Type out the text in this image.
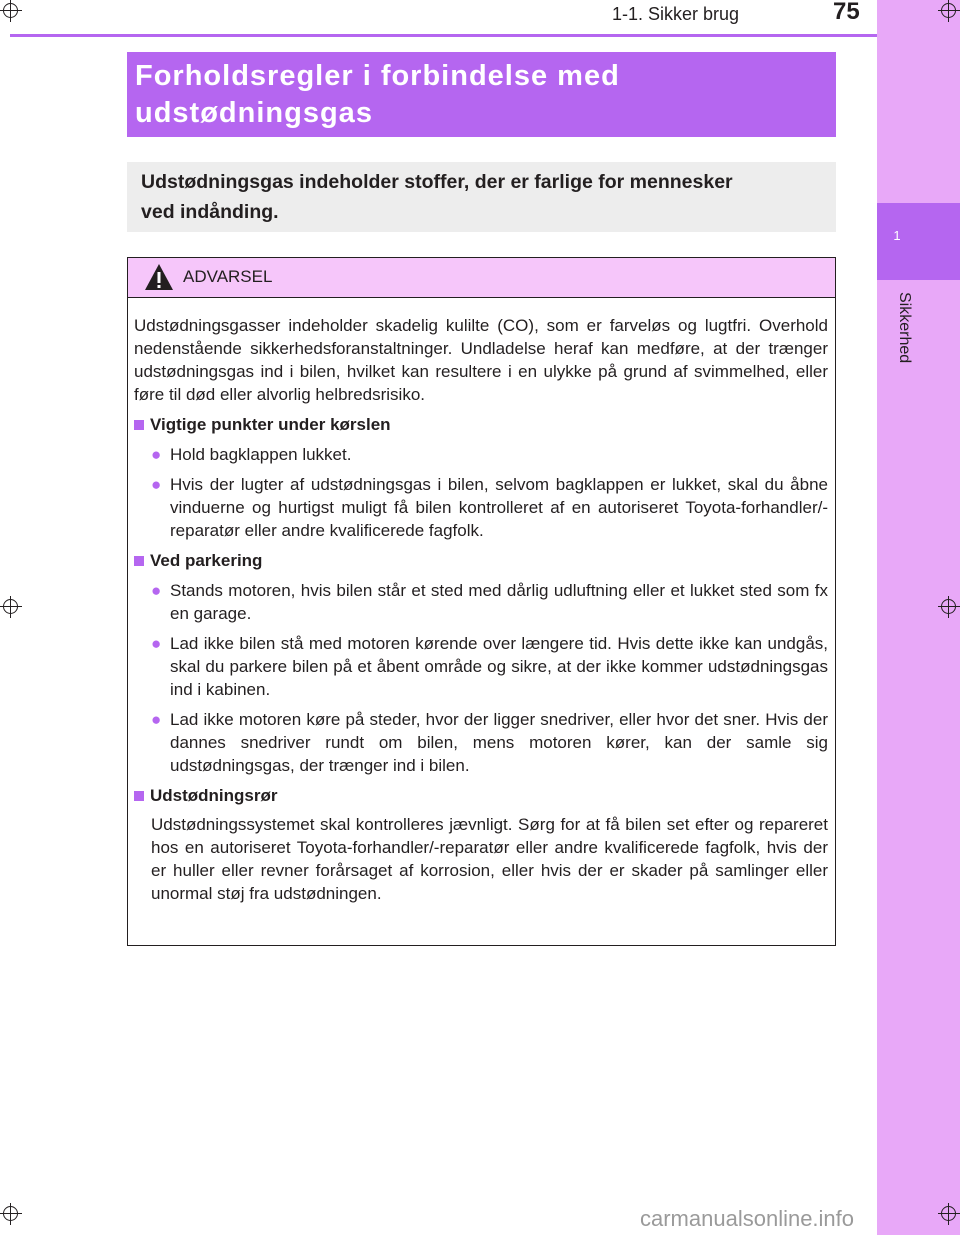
1
Sikkerhed
1-1. Sikker brug	75
Forholdsregler i forbindelse med
udstødningsgas
Udstødningsgas indeholder stoffer, der er farlige for mennesker
ved indånding.
ADVARSEL
Udstødningsgasser indeholder skadelig kulilte (CO), som er farveløs og lugtfri. Overhold nedenstående sikkerhedsforanstaltninger. Undladelse heraf kan medføre, at der trænger udstødningsgas ind i bilen, hvilket kan resultere i en ulykke på grund af svimmelhed, eller føre til død eller alvorlig helbredsrisiko.
Vigtige punkter under kørslen
● Hold bagklappen lukket.
● Hvis der lugter af udstødningsgas i bilen, selvom bagklappen er lukket, skal du åbne vinduerne og hurtigst muligt få bilen kontrolleret af en autoriseret Toyota-forhandler/-reparatør eller andre kvalificerede fagfolk.
Ved parkering
● Stands motoren, hvis bilen står et sted med dårlig udluftning eller et lukket sted som fx en garage.
● Lad ikke bilen stå med motoren kørende over længere tid. Hvis dette ikke kan undgås, skal du parkere bilen på et åbent område og sikre, at der ikke kommer udstødningsgas ind i kabinen.
● Lad ikke motoren køre på steder, hvor der ligger snedriver, eller hvor det sner. Hvis der dannes snedriver rundt om bilen, mens motoren kører, kan der samle sig udstødningsgas, der trænger ind i bilen.
Udstødningsrør
Udstødningssystemet skal kontrolleres jævnligt. Sørg for at få bilen set efter og repareret hos en autoriseret Toyota-forhandler/-reparatør eller andre kvalificerede fagfolk, hvis der er huller eller revner forårsaget af korrosion, eller hvis der er skader på samlinger eller unormal støj fra udstødningen.
carmanualsonline.info
